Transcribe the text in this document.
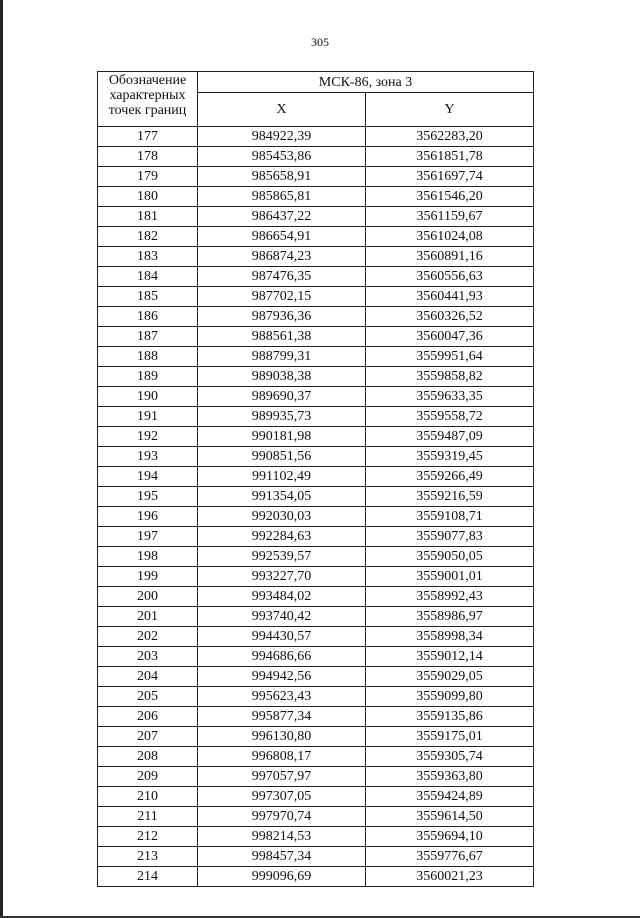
305
Обозначение характерных точек границ	МСК-86, зона 3	
	X	Y
177	984922,39	3562283,20
178	985453,86	3561851,78
179	985658,91	3561697,74
180	985865,81	3561546,20
181	986437,22	3561159,67
182	986654,91	3561024,08
183	986874,23	3560891,16
184	987476,35	3560556,63
185	987702,15	3560441,93
186	987936,36	3560326,52
187	988561,38	3560047,36
188	988799,31	3559951,64
189	989038,38	3559858,82
190	989690,37	3559633,35
191	989935,73	3559558,72
192	990181,98	3559487,09
193	990851,56	3559319,45
194	991102,49	3559266,49
195	991354,05	3559216,59
196	992030,03	3559108,71
197	992284,63	3559077,83
198	992539,57	3559050,05
199	993227,70	3559001,01
200	993484,02	3558992,43
201	993740,42	3558986,97
202	994430,57	3558998,34
203	994686,66	3559012,14
204	994942,56	3559029,05
205	995623,43	3559099,80
206	995877,34	3559135,86
207	996130,80	3559175,01
208	996808,17	3559305,74
209	997057,97	3559363,80
210	997307,05	3559424,89
211	997970,74	3559614,50
212	998214,53	3559694,10
213	998457,34	3559776,67
214	999096,69	3560021,23
